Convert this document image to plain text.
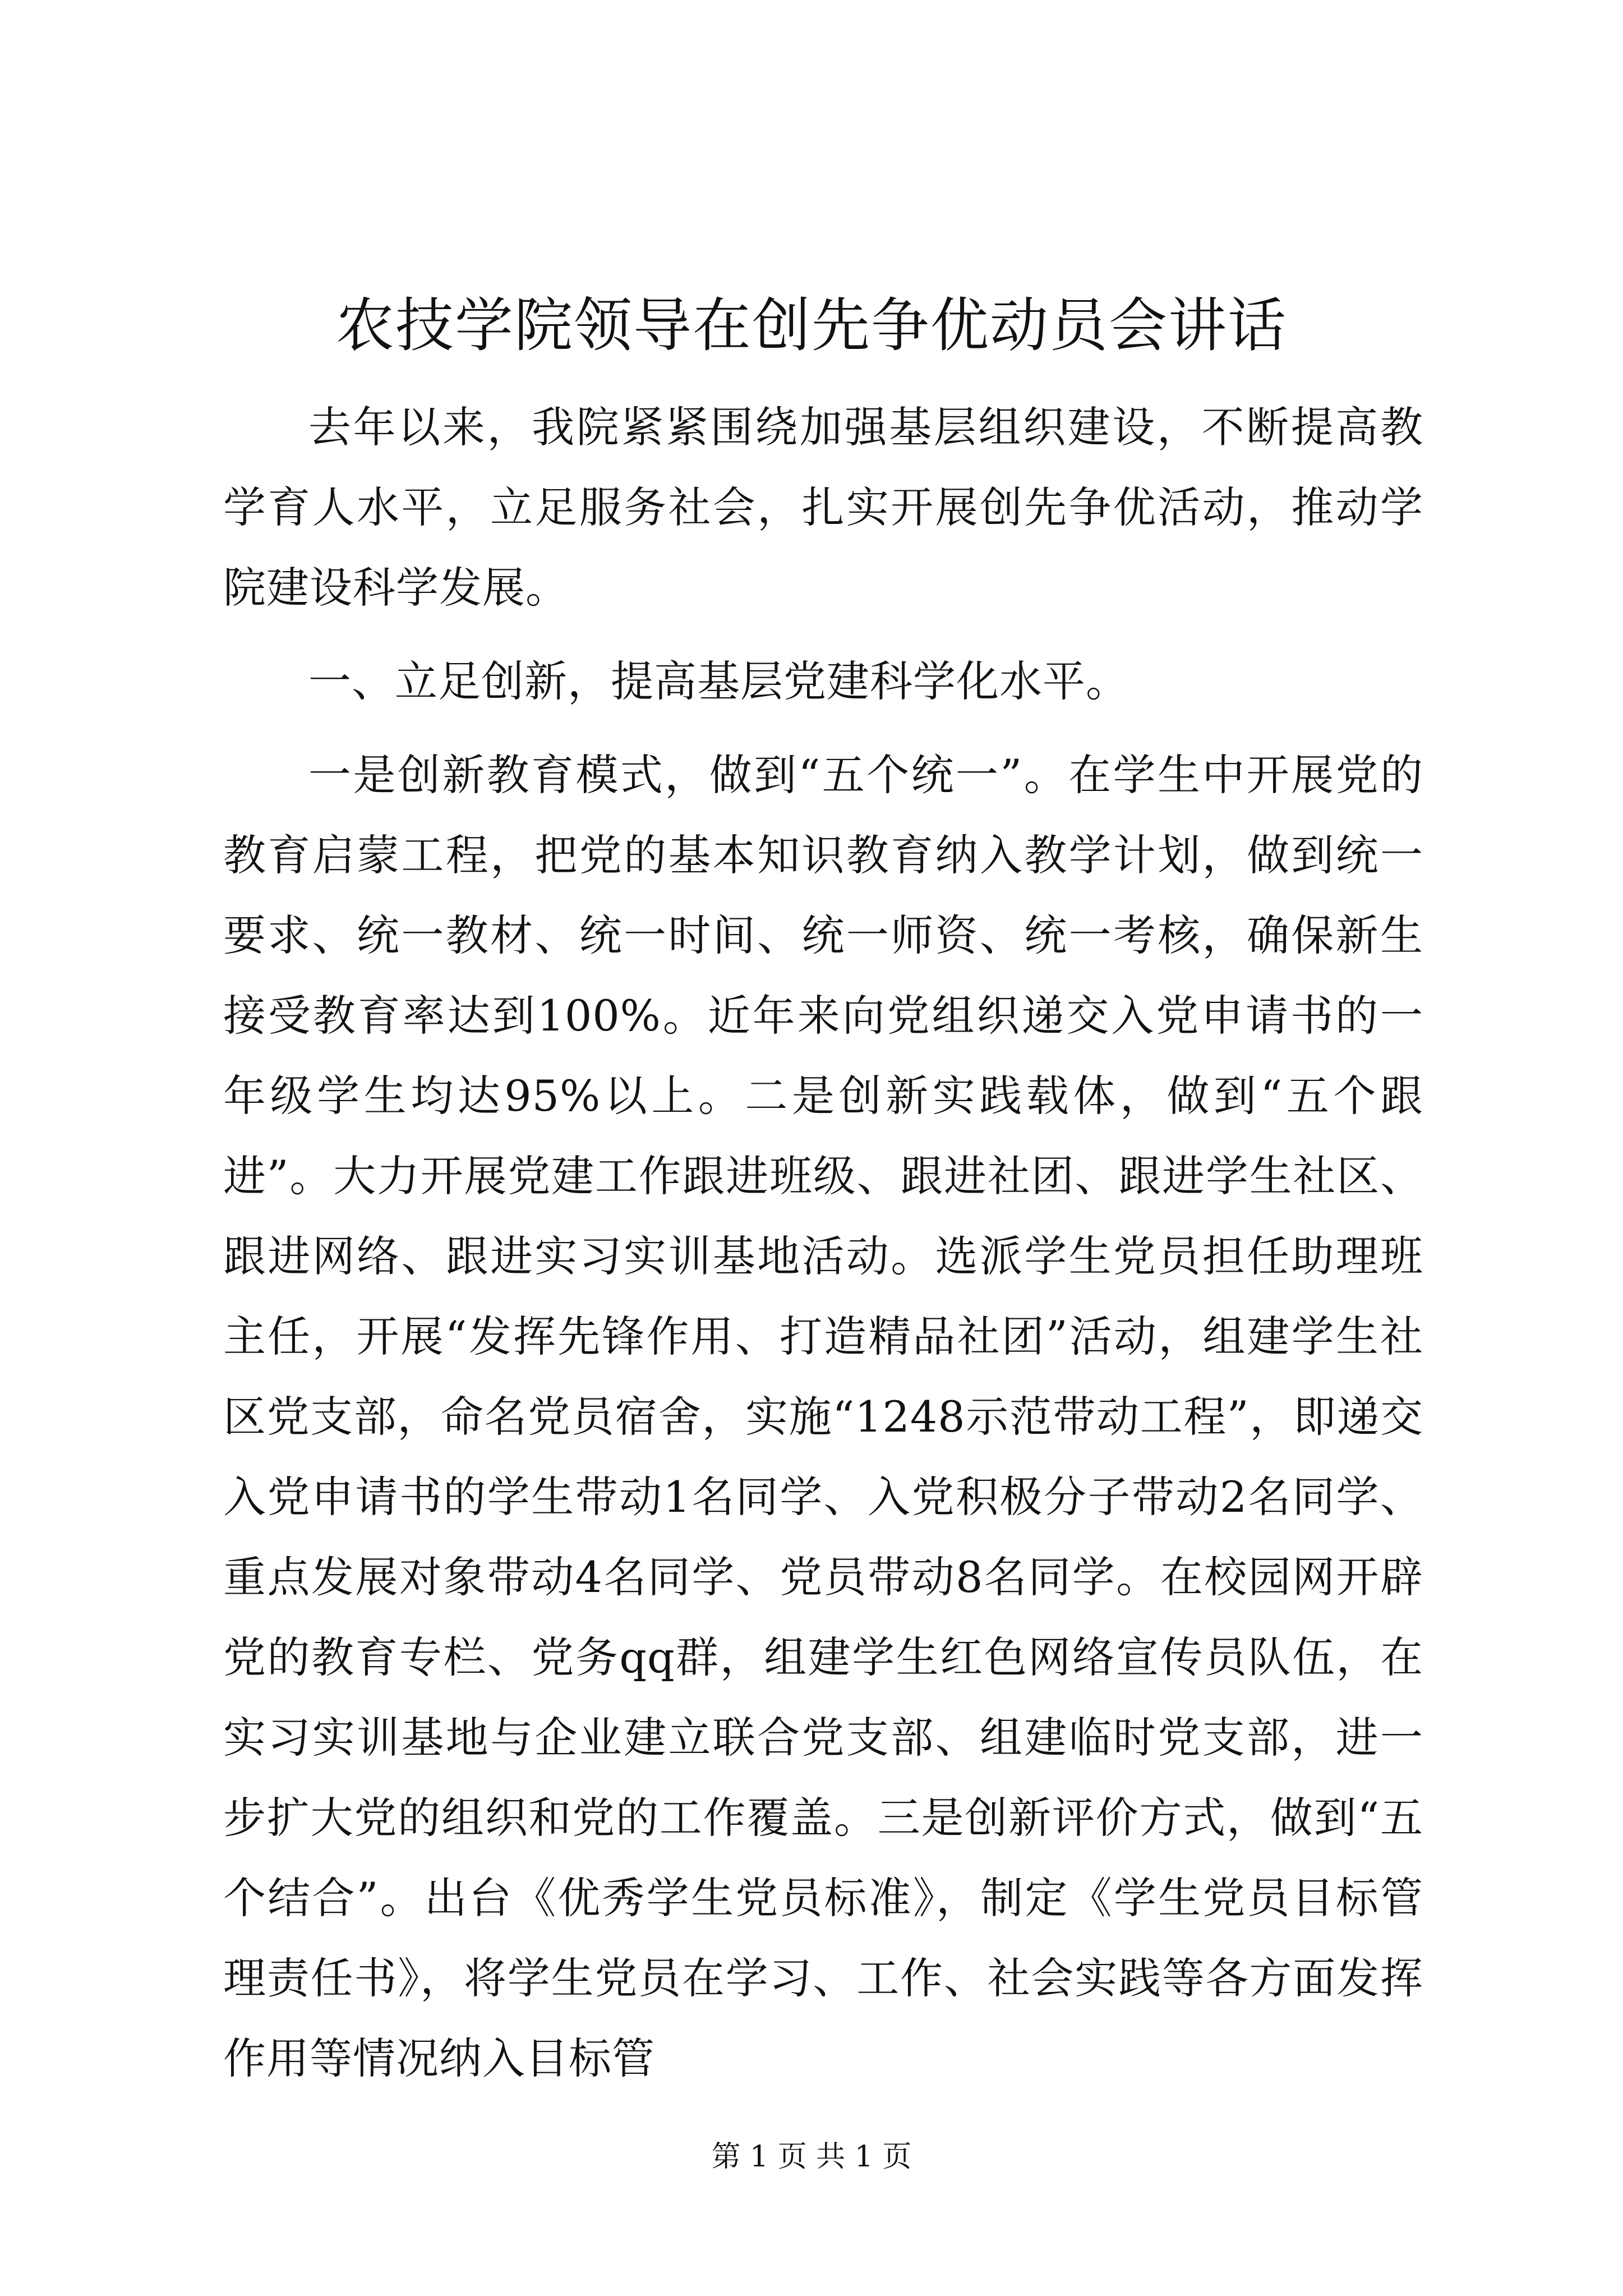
农技学院领导在创先争优动员会讲话

去年以来，我院紧紧围绕加强基层组织建设，不断提高教学育人水平，立足服务社会，扎实开展创先争优活动，推动学院建设科学发展。

一、立足创新，提高基层党建科学化水平。

一是创新教育模式，做到“五个统一”。在学生中开展党的教育启蒙工程，把党的基本知识教育纳入教学计划，做到统一要求、统一教材、统一时间、统一师资、统一考核，确保新生接受教育率达到100%。近年来向党组织递交入党申请书的一年级学生均达95%以上。二是创新实践载体，做到“五个跟进”。大力开展党建工作跟进班级、跟进社团、跟进学生社区、跟进网络、跟进实习实训基地活动。选派学生党员担任助理班主任，开展“发挥先锋作用、打造精品社团”活动，组建学生社区党支部，命名党员宿舍，实施“1248示范带动工程”，即递交入党申请书的学生带动1名同学、入党积极分子带动2名同学、重点发展对象带动4名同学、党员带动8名同学。在校园网开辟党的教育专栏、党务qq群，组建学生红色网络宣传员队伍，在实习实训基地与企业建立联合党支部、组建临时党支部，进一步扩大党的组织和党的工作覆盖。三是创新评价方式，做到“五个结合”。出台《优秀学生党员标准》，制定《学生党员目标管理责任书》，将学生党员在学习、工作、社会实践等各方面发挥作用等情况纳入目标管

第 1 页 共 1 页
